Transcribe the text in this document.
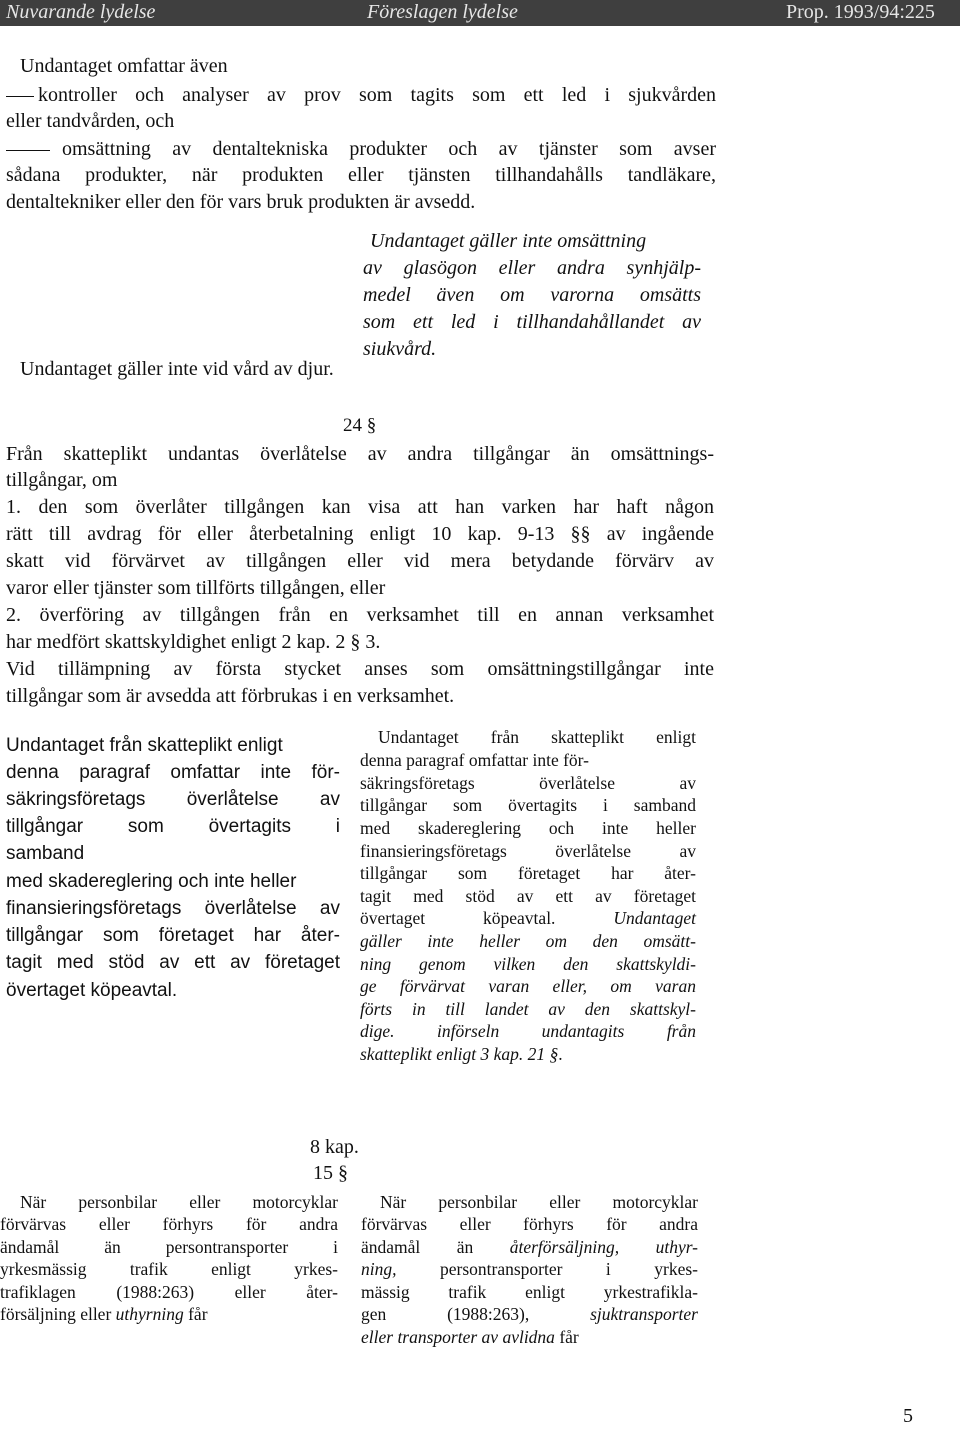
Nuvarande lydelse	Föreslagen lydelse	Prop. 1993/94:225
Undantaget omfattar även
kontroller och analyser av prov som tagits som ett led i sjukvården
eller tandvården, och
omsättning av dentaltekniska produkter och av tjänster som avser
sådana produkter, när produkten eller tjänsten tillhandahålls tandläkare,
dentaltekniker eller den för vars bruk produkten är avsedd.
Undantaget gäller inte omsättning
av glasögon eller andra synhjälp-
medel även om varorna omsätts
som ett led i tillhandahållandet av
siukvård.
Undantaget gäller inte vid vård av djur.
24 §
Från skatteplikt undantas överlåtelse av andra tillgångar än omsättnings-
tillgångar, om
1. den som överlåter tillgången kan visa att han varken har haft någon
rätt till avdrag för eller återbetalning enligt 10 kap. 9-13 §§ av ingående
skatt vid förvärvet av tillgången eller vid mera betydande förvärv av
varor eller tjänster som tillförts tillgången, eller
2. överföring av tillgången från en verksamhet till en annan verksamhet
har medfört skattskyldighet enligt 2 kap. 2 § 3.
Vid tillämpning av första stycket anses som omsättningstillgångar inte
tillgångar som är avsedda att förbrukas i en verksamhet.
Undantaget från skatteplikt enligt
denna paragraf omfattar inte för-
säkringsföretags överlåtelse av
tillgångar som övertagits i
samband
med skadereglering och inte heller
finansieringsföretags överlåtelse av
tillgångar som företaget har åter-
tagit med stöd av ett av företaget
övertaget köpeavtal.
Undantaget från skatteplikt enligt
denna paragraf omfattar inte för-
säkringsföretags överlåtelse av
tillgångar som övertagits i samband
med skadereglering och inte heller
finansieringsföretags överlåtelse av
tillgångar som företaget har åter-
tagit med stöd av ett av företaget
övertaget köpeavtal.	Undantaget
gäller inte heller om den omsätt-
ning genom vilken den skattskyldi-
ge förvärvat varan eller, om varan
förts in till landet av den skattskyl-
dige. införseln undantagits från
skatteplikt enligt 3 kap. 21 §.
8 kap.
15 §
När personbilar eller motorcyklar
förvärvas eller förhyrs för andra
ändamål än persontransporter i
yrkesmässig trafik enligt yrkes-
trafiklagen (1988:263) eller åter-
försäljning eller uthyrning får
När personbilar eller motorcyklar
förvärvas eller förhyrs för andra
ändamål än återförsäljning, uthyr-
ning, persontransporter i yrkes-
mässig trafik enligt yrkestrafikla-
gen (1988:263), sjuktransporter
eller transporter av avlidna får
5
